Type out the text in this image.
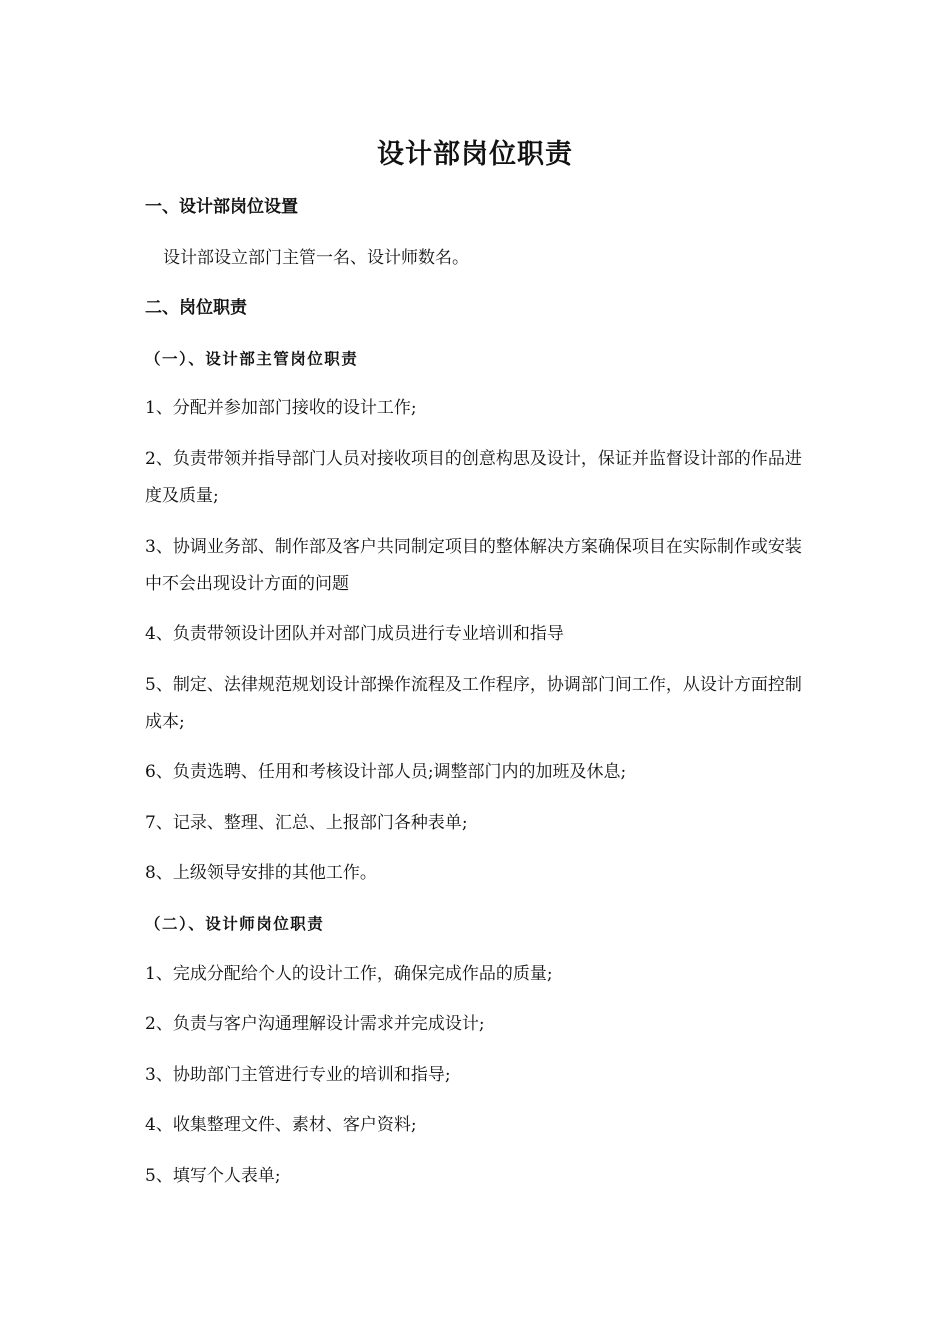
设计部岗位职责
一、设计部岗位设置
设计部设立部门主管一名、设计师数名。
二、岗位职责
（一）、设计部主管岗位职责
1、分配并参加部门接收的设计工作;
2、负责带领并指导部门人员对接收项目的创意构思及设计，保证并监督设计部的作品进度及质量;
3、协调业务部、制作部及客户共同制定项目的整体解决方案确保项目在实际制作或安装中不会出现设计方面的问题
4、负责带领设计团队并对部门成员进行专业培训和指导
5、制定、法律规范规划设计部操作流程及工作程序，协调部门间工作，从设计方面控制成本;
6、负责选聘、任用和考核设计部人员;调整部门内的加班及休息;
7、记录、整理、汇总、上报部门各种表单;
8、上级领导安排的其他工作。
（二）、设计师岗位职责
1、完成分配给个人的设计工作，确保完成作品的质量;
2、负责与客户沟通理解设计需求并完成设计;
3、协助部门主管进行专业的培训和指导;
4、收集整理文件、素材、客户资料;
5、填写个人表单;
